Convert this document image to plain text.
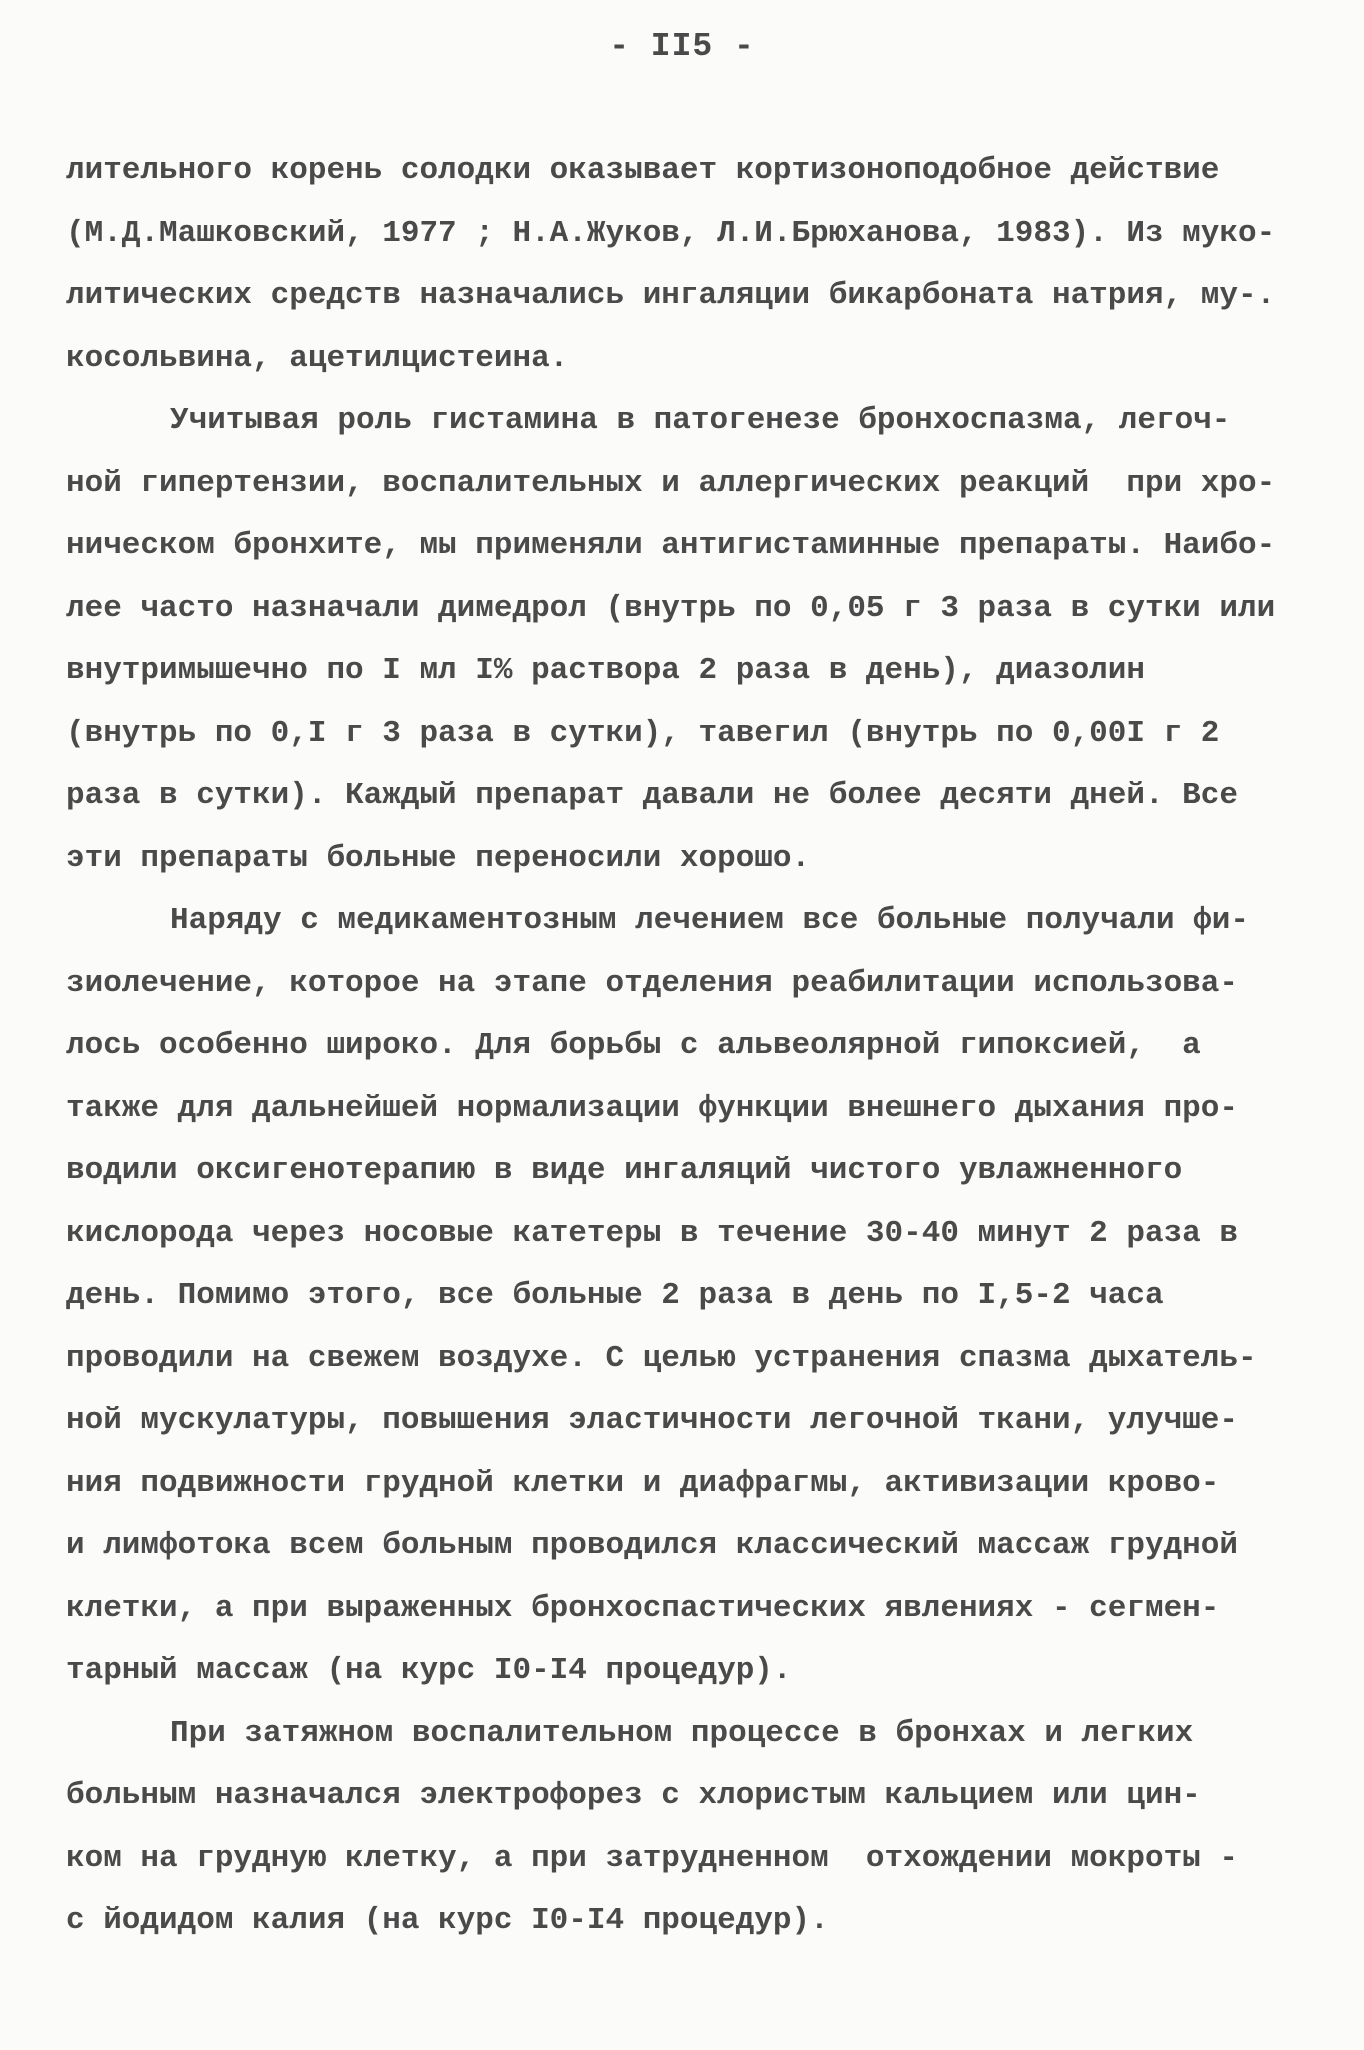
- II5 -
лительного корень солодки оказывает кортизоноподобное действие
(М.Д.Машковский, 1977 ; Н.А.Жуков, Л.И.Брюханова, 1983). Из муко-
литических средств назначались ингаляции бикарбоната натрия, му-.
косольвина, ацетилцистеина.
Учитывая роль гистамина в патогенезе бронхоспазма, легоч-
ной гипертензии, воспалительных и аллергических реакций  при хро-
ническом бронхите, мы применяли антигистаминные препараты. Наибо-
лее часто назначали димедрол (внутрь по 0,05 г 3 раза в сутки или
внутримышечно по I мл I% раствора 2 раза в день), диазолин
(внутрь по 0,I г 3 раза в сутки), тавегил (внутрь по 0,00I г 2
раза в сутки). Каждый препарат давали не более десяти дней. Все
эти препараты больные переносили хорошо.
Наряду с медикаментозным лечением все больные получали фи-
зиолечение, которое на этапе отделения реабилитации использова-
лось особенно широко. Для борьбы с альвеолярной гипоксией,  а
также для дальнейшей нормализации функции внешнего дыхания про-
водили оксигенотерапию в виде ингаляций чистого увлажненного
кислорода через носовые катетеры в течение 30-40 минут 2 раза в
день. Помимо этого, все больные 2 раза в день по I,5-2 часа
проводили на свежем воздухе. С целью устранения спазма дыхатель-
ной мускулатуры, повышения эластичности легочной ткани, улучше-
ния подвижности грудной клетки и диафрагмы, активизации крово-
и лимфотока всем больным проводился классический массаж грудной
клетки, а при выраженных бронхоспастических явлениях - сегмен-
тарный массаж (на курс I0-I4 процедур).
При затяжном воспалительном процессе в бронхах и легких
больным назначался электрофорез с хлористым кальцием или цин-
ком на грудную клетку, а при затрудненном  отхождении мокроты -
с йодидом калия (на курс I0-I4 процедур).
